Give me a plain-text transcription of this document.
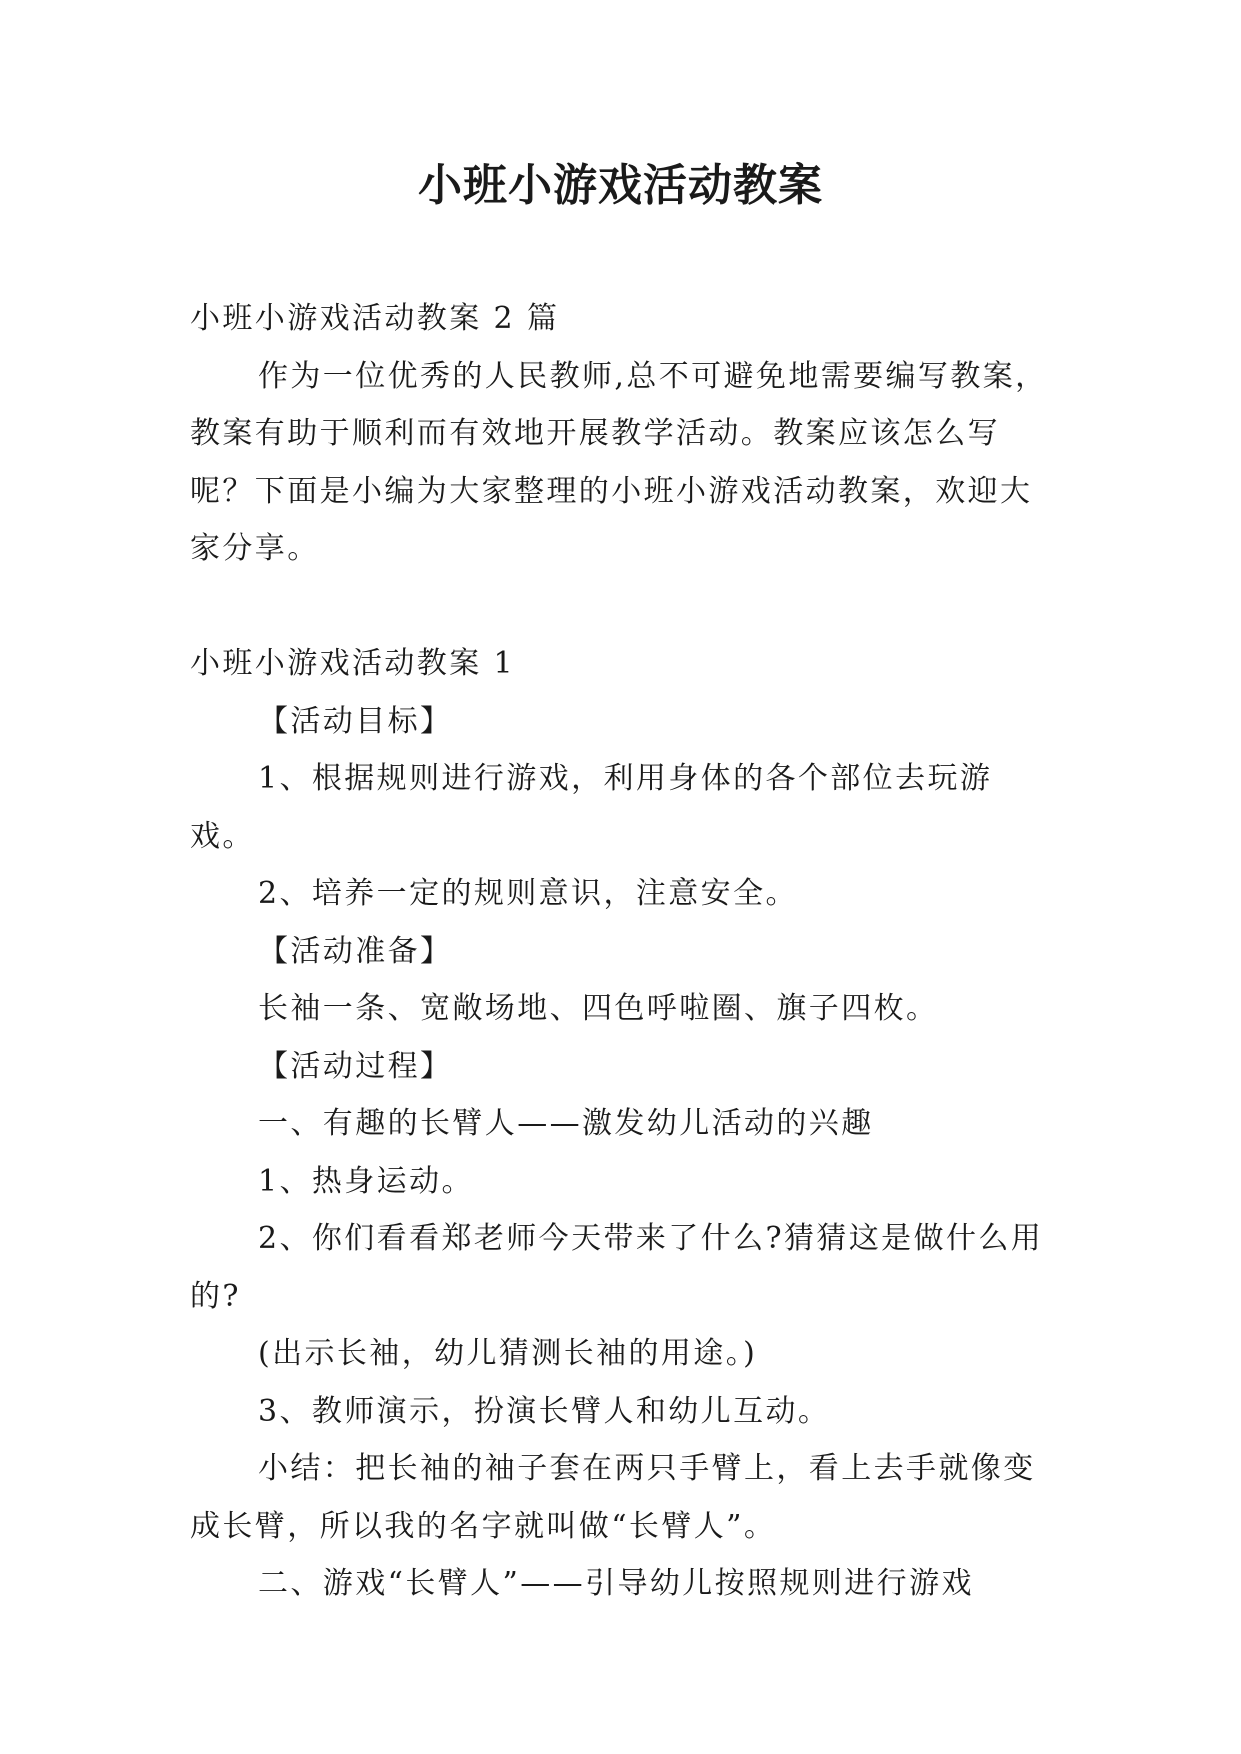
小班小游戏活动教案

小班小游戏活动教案 2 篇

作为一位优秀的人民教师,总不可避免地需要编写教案，教案有助于顺利而有效地开展教学活动。教案应该怎么写呢？下面是小编为大家整理的小班小游戏活动教案，欢迎大家分享。

小班小游戏活动教案 1

【活动目标】

1、根据规则进行游戏，利用身体的各个部位去玩游戏。

2、培养一定的规则意识，注意安全。

【活动准备】

长袖一条、宽敞场地、四色呼啦圈、旗子四枚。

【活动过程】

一、有趣的长臂人——激发幼儿活动的兴趣

1、热身运动。

2、你们看看郑老师今天带来了什么?猜猜这是做什么用的?

(出示长袖，幼儿猜测长袖的用途。)

3、教师演示，扮演长臂人和幼儿互动。

小结：把长袖的袖子套在两只手臂上，看上去手就像变成长臂，所以我的名字就叫做“长臂人”。

二、游戏“长臂人”——引导幼儿按照规则进行游戏
